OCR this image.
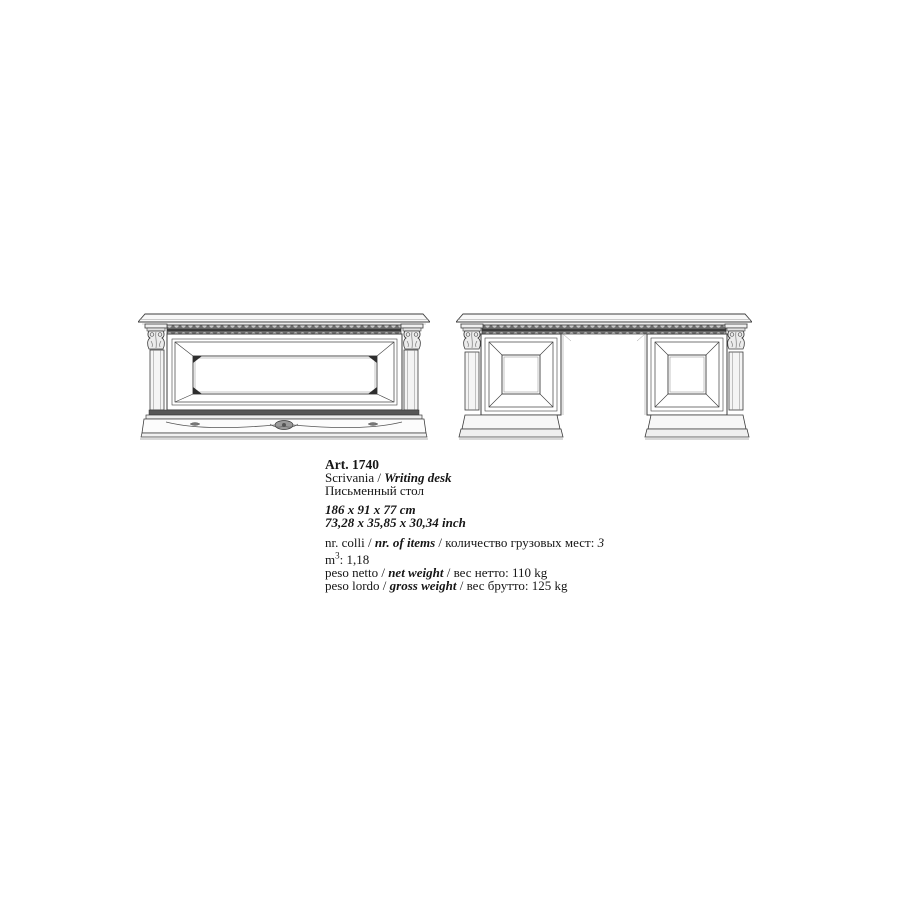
Art. 1740

Scrivania / Writing desk

Письменный стол

186 x 91 x 77 cm

73,28 x 35,85 x 30,34 inch

nr. colli / nr. of items / количество грузовых мест: 3

$m^3$: 1,18

peso netto / net weight / вес нетто: 110 kg

peso lordo / gross weight / вес брутто: 125 kg
